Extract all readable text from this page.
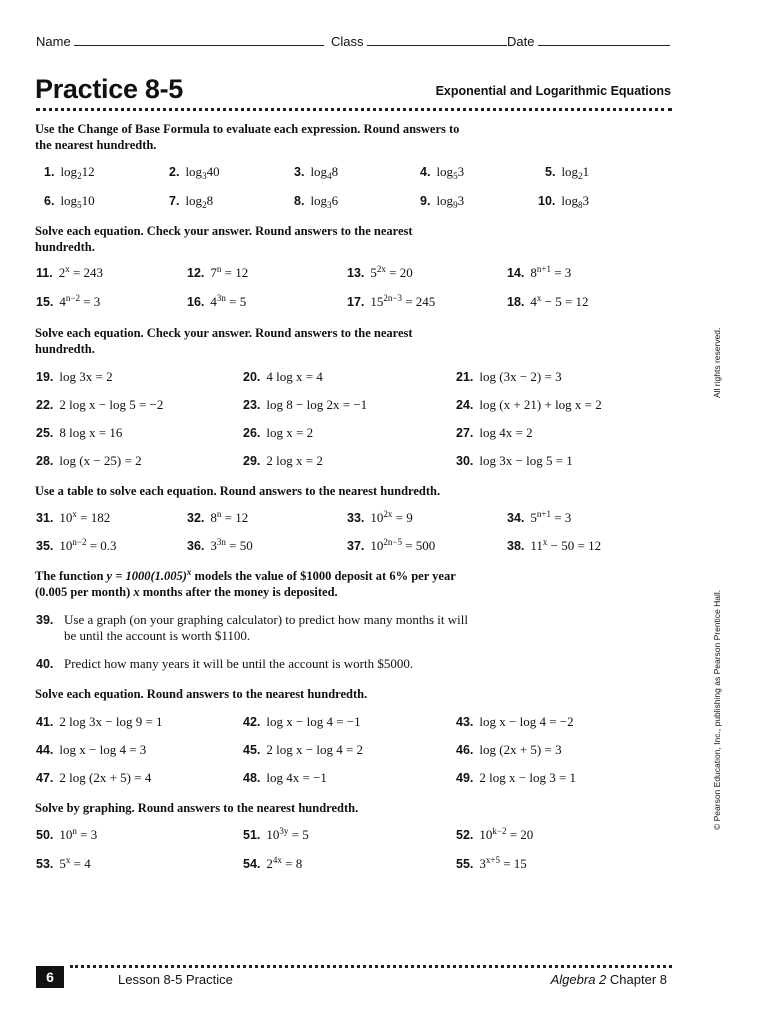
Name	Class	Date
Practice 8-5	Exponential and Logarithmic Equations
Use the Change of Base Formula to evaluate each expression. Round answers to the nearest hundredth.
1. $\log_212$	2. $\log_340$	3. $\log_48$	4. $\log_53$	5. $\log_21$
6. $\log_510$	7. $\log_28$	8. $\log_36$	9. $\log_93$	10. $\log_83$
Solve each equation. Check your answer. Round answers to the nearest hundredth.
11. $2^x = 243$	12. $7^n = 12$	13. $5^{2x} = 20$	14. $8^{n+1} = 3$
15. $4^{n-2} = 3$	16. $4^{3n} = 5$	17. $15^{2n-3} = 245$	18. $4^x - 5 = 12$
Solve each equation. Check your answer. Round answers to the nearest hundredth.
19. log 3x = 2	20. 4 log x = 4	21. log (3x − 2) = 3
22. 2 log x − log 5 = −2	23. log 8 − log 2x = −1	24. log (x + 21) + log x = 2
25. 8 log x = 16	26. log x = 2	27. log 4x = 2
28. log (x − 25) = 2	29. 2 log x = 2	30. log 3x − log 5 = 1
Use a table to solve each equation. Round answers to the nearest hundredth.
31. $10^x = 182$	32. $8^n = 12$	33. $10^{2x} = 9$	34. $5^{n+1} = 3$
35. $10^{n-2} = 0.3$	36. $3^{3n} = 50$	37. $10^{2n-5} = 500$	38. $11^x - 50 = 12$
The function $y = 1000(1.005)^x$ models the value of $1000 deposit at 6% per year (0.005 per month) x months after the money is deposited.
39. Use a graph (on your graphing calculator) to predict how many months it will be until the account is worth $1100.
40. Predict how many years it will be until the account is worth $5000.
Solve each equation. Round answers to the nearest hundredth.
41. 2 log 3x − log 9 = 1	42. log x − log 4 = −1	43. log x − log 4 = −2
44. log x − log 4 = 3	45. 2 log x − log 4 = 2	46. log (2x + 5) = 3
47. 2 log (2x + 5) = 4	48. log 4x = −1	49. 2 log x − log 3 = 1
Solve by graphing. Round answers to the nearest hundredth.
50. $10^n = 3$	51. $10^{3y} = 5$	52. $10^{k-2} = 20$
53. $5^x = 4$	54. $2^{4x} = 8$	55. $3^{x+5} = 15$
All rights reserved.
© Pearson Education, Inc., publishing as Pearson Prentice Hall.
6	Lesson 8-5 Practice	Algebra 2 Chapter 8
